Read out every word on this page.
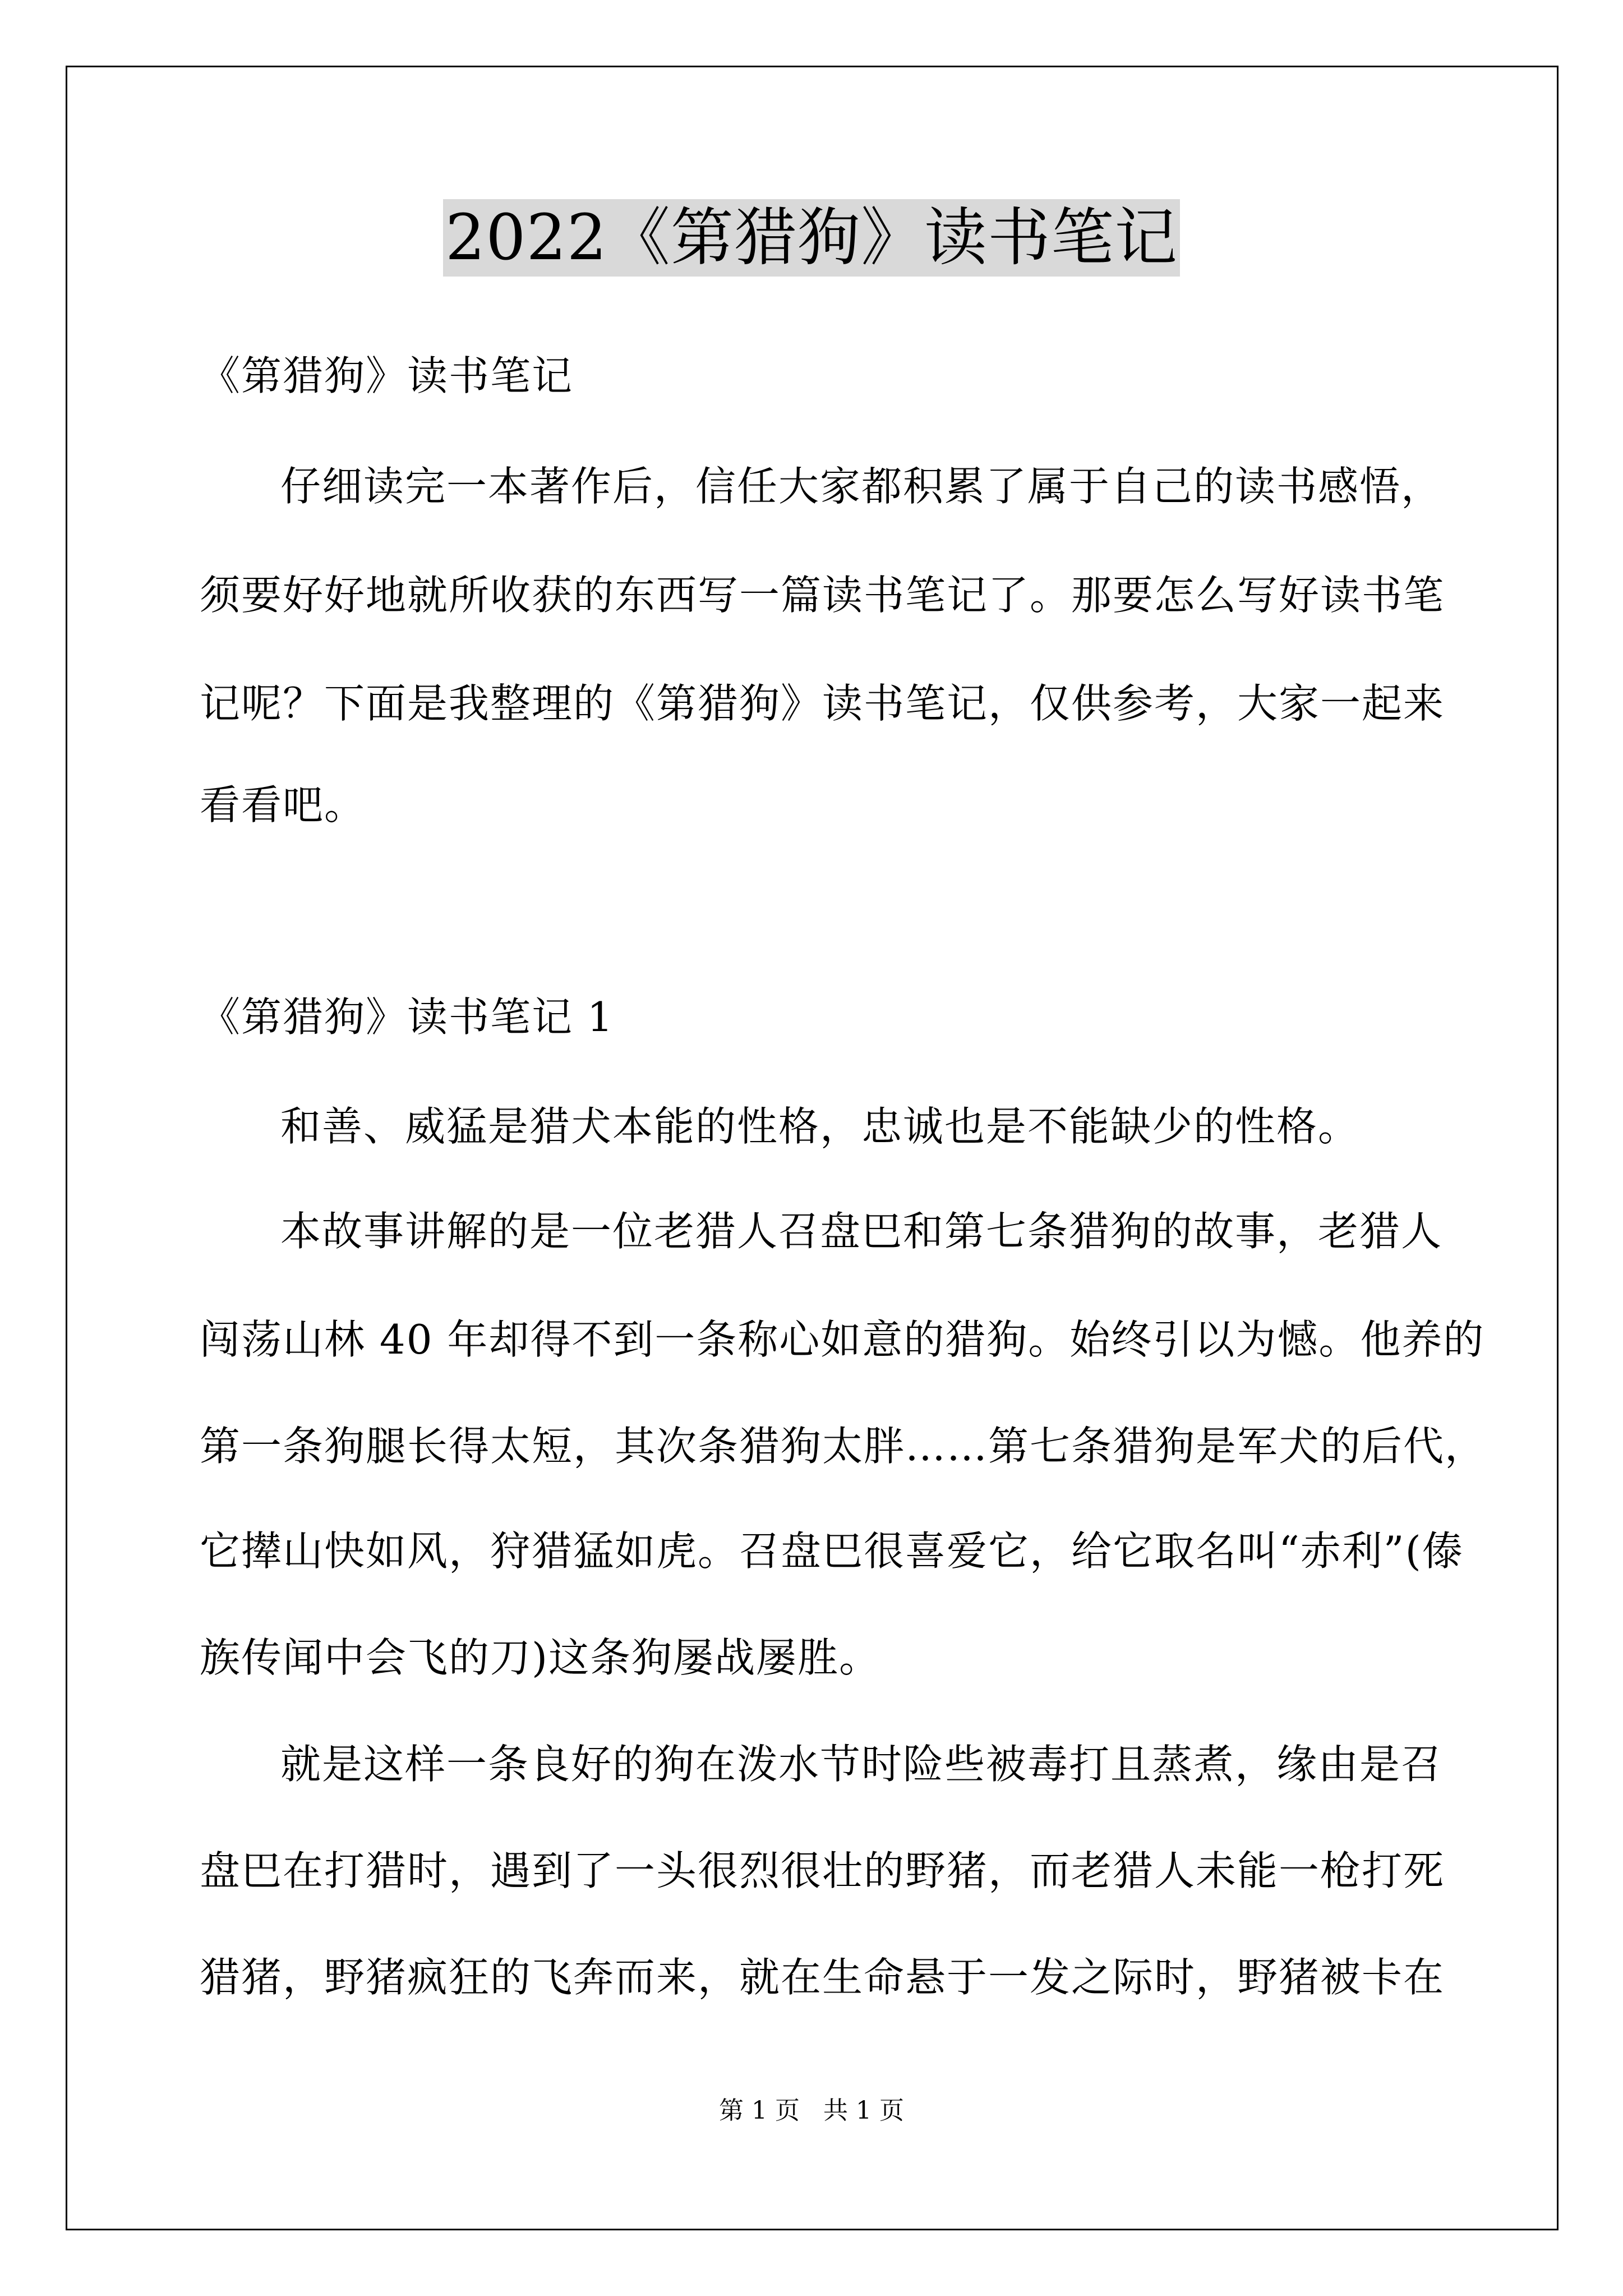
2022《第猎狗》读书笔记
《第猎狗》读书笔记
仔细读完一本著作后，信任大家都积累了属于自己的读书感悟，
须要好好地就所收获的东西写一篇读书笔记了。那要怎么写好读书笔
记呢？下面是我整理的《第猎狗》读书笔记，仅供参考，大家一起来
看看吧。
《第猎狗》读书笔记 1
和善、威猛是猎犬本能的性格，忠诚也是不能缺少的性格。
本故事讲解的是一位老猎人召盘巴和第七条猎狗的故事，老猎人
闯荡山林 40 年却得不到一条称心如意的猎狗。始终引以为憾。他养的
第一条狗腿长得太短，其次条猎狗太胖……第七条猎狗是军犬的后代，
它撵山快如风，狩猎猛如虎。召盘巴很喜爱它，给它取名叫“赤利”(傣
族传闻中会飞的刀)这条狗屡战屡胜。
就是这样一条良好的狗在泼水节时险些被毒打且蒸煮，缘由是召
盘巴在打猎时，遇到了一头很烈很壮的野猪，而老猎人未能一枪打死
猎猪，野猪疯狂的飞奔而来，就在生命悬于一发之际时，野猪被卡在
第 1 页   共 1 页
